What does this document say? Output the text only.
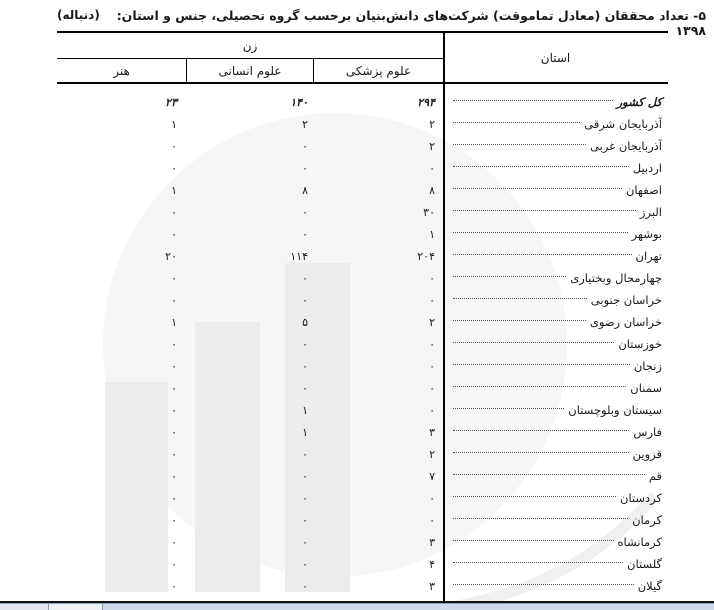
۵- تعداد محققان (معادل تماموقت) شرکت‌های دانش‌بنیان برحسب گروه تحصیلی، جنس و استان: ۱۳۹۸
(دنباله)
استان
زن
علوم پزشکی
علوم انسانی
هنر
کل کشور
۲۹۴
۱۴۰
۲۳
آذربایجان شرقی
۲
۲
۱
آذربایجان غربی
۲
۰
۰
اردبیل
۰
۰
۰
اصفهان
۸
۸
۱
البرز
۳۰
۰
۰
بوشهر
۱
۰
۰
تهران
۲۰۴
۱۱۴
۲۰
چهارمحال وبختیاری
۰
۰
۰
خراسان جنوبی
۰
۰
۰
خراسان رضوی
۲
۵
۱
خوزستان
۰
۰
۰
زنجان
۰
۰
۰
سمنان
۰
۰
۰
سیستان وبلوچستان
۰
۱
۰
فارس
۳
۱
۰
قزوین
۲
۰
۰
قم
۷
۰
۰
کردستان
۰
۰
۰
کرمان
۰
۰
۰
کرمانشاه
۳
۰
۰
گلستان
۴
۰
۰
گیلان
۳
۰
۰
